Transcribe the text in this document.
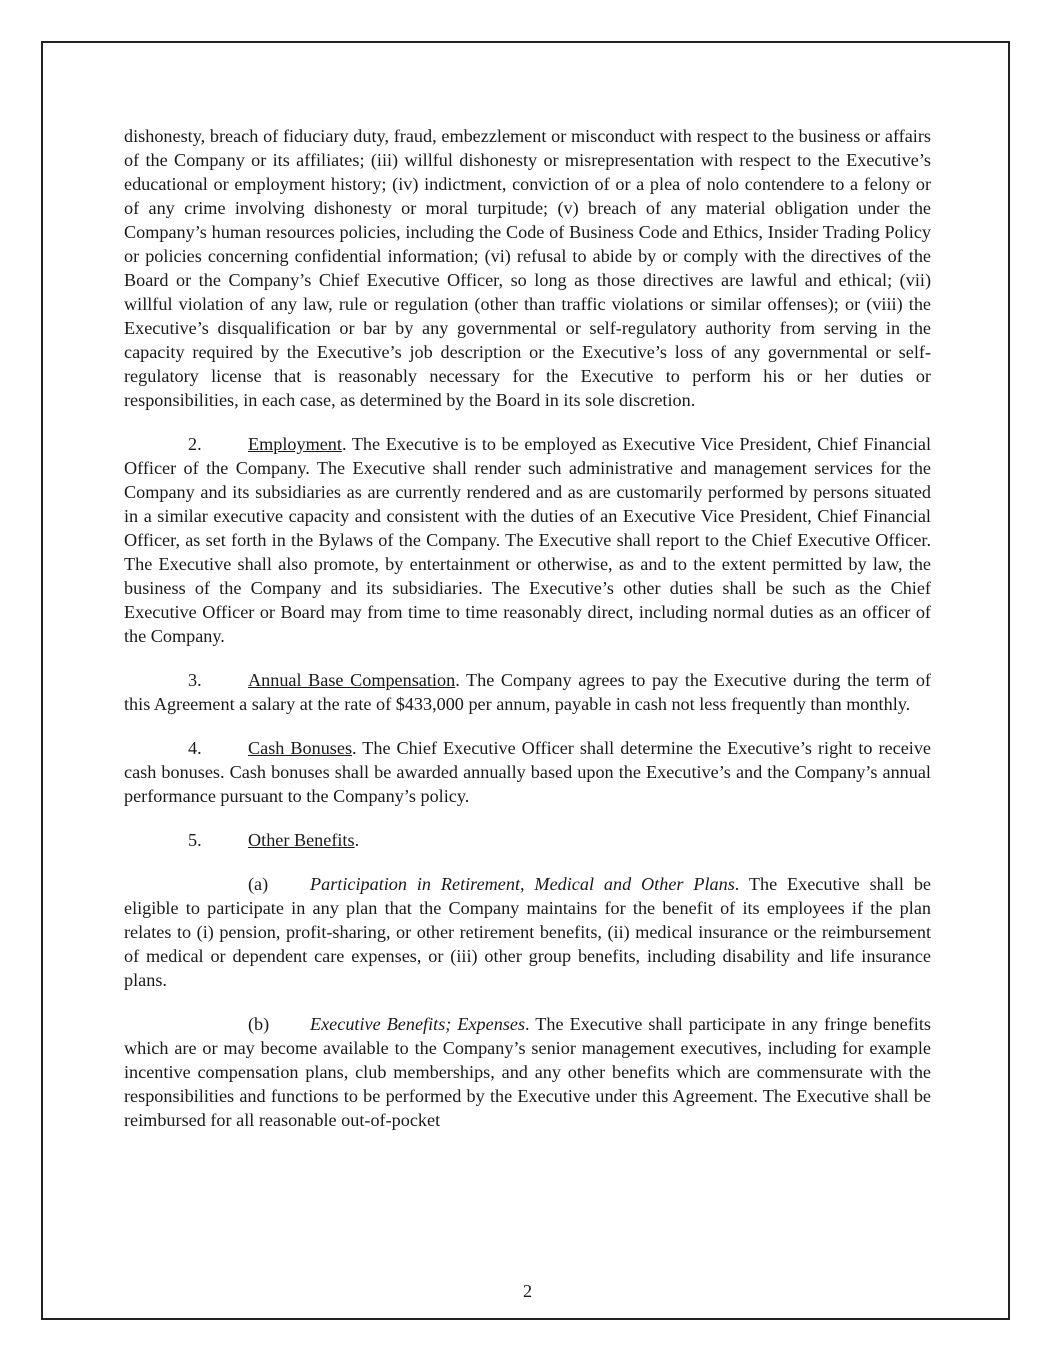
dishonesty, breach of fiduciary duty, fraud, embezzlement or misconduct with respect to the business or affairs of the Company or its affiliates; (iii) willful dishonesty or misrepresentation with respect to the Executive’s educational or employment history; (iv) indictment, conviction of or a plea of nolo contendere to a felony or of any crime involving dishonesty or moral turpitude; (v) breach of any material obligation under the Company’s human resources policies, including the Code of Business Code and Ethics, Insider Trading Policy or policies concerning confidential information; (vi) refusal to abide by or comply with the directives of the Board or the Company’s Chief Executive Officer, so long as those directives are lawful and ethical; (vii) willful violation of any law, rule or regulation (other than traffic violations or similar offenses); or (viii) the Executive’s disqualification or bar by any governmental or self-regulatory authority from serving in the capacity required by the Executive’s job description or the Executive’s loss of any governmental or self-regulatory license that is reasonably necessary for the Executive to perform his or her duties or responsibilities, in each case, as determined by the Board in its sole discretion.

2.	Employment. The Executive is to be employed as Executive Vice President, Chief Financial Officer of the Company. The Executive shall render such administrative and management services for the Company and its subsidiaries as are currently rendered and as are customarily performed by persons situated in a similar executive capacity and consistent with the duties of an Executive Vice President, Chief Financial Officer, as set forth in the Bylaws of the Company. The Executive shall report to the Chief Executive Officer. The Executive shall also promote, by entertainment or otherwise, as and to the extent permitted by law, the business of the Company and its subsidiaries. The Executive’s other duties shall be such as the Chief Executive Officer or Board may from time to time reasonably direct, including normal duties as an officer of the Company.

3.	Annual Base Compensation. The Company agrees to pay the Executive during the term of this Agreement a salary at the rate of $433,000 per annum, payable in cash not less frequently than monthly.

4.	Cash Bonuses. The Chief Executive Officer shall determine the Executive’s right to receive cash bonuses. Cash bonuses shall be awarded annually based upon the Executive’s and the Company’s annual performance pursuant to the Company’s policy.

5.	Other Benefits.

(a) Participation in Retirement, Medical and Other Plans. The Executive shall be eligible to participate in any plan that the Company maintains for the benefit of its employees if the plan relates to (i) pension, profit-sharing, or other retirement benefits, (ii) medical insurance or the reimbursement of medical or dependent care expenses, or (iii) other group benefits, including disability and life insurance plans.

(b) Executive Benefits; Expenses. The Executive shall participate in any fringe benefits which are or may become available to the Company’s senior management executives, including for example incentive compensation plans, club memberships, and any other benefits which are commensurate with the responsibilities and functions to be performed by the Executive under this Agreement. The Executive shall be reimbursed for all reasonable out-of-pocket

2
